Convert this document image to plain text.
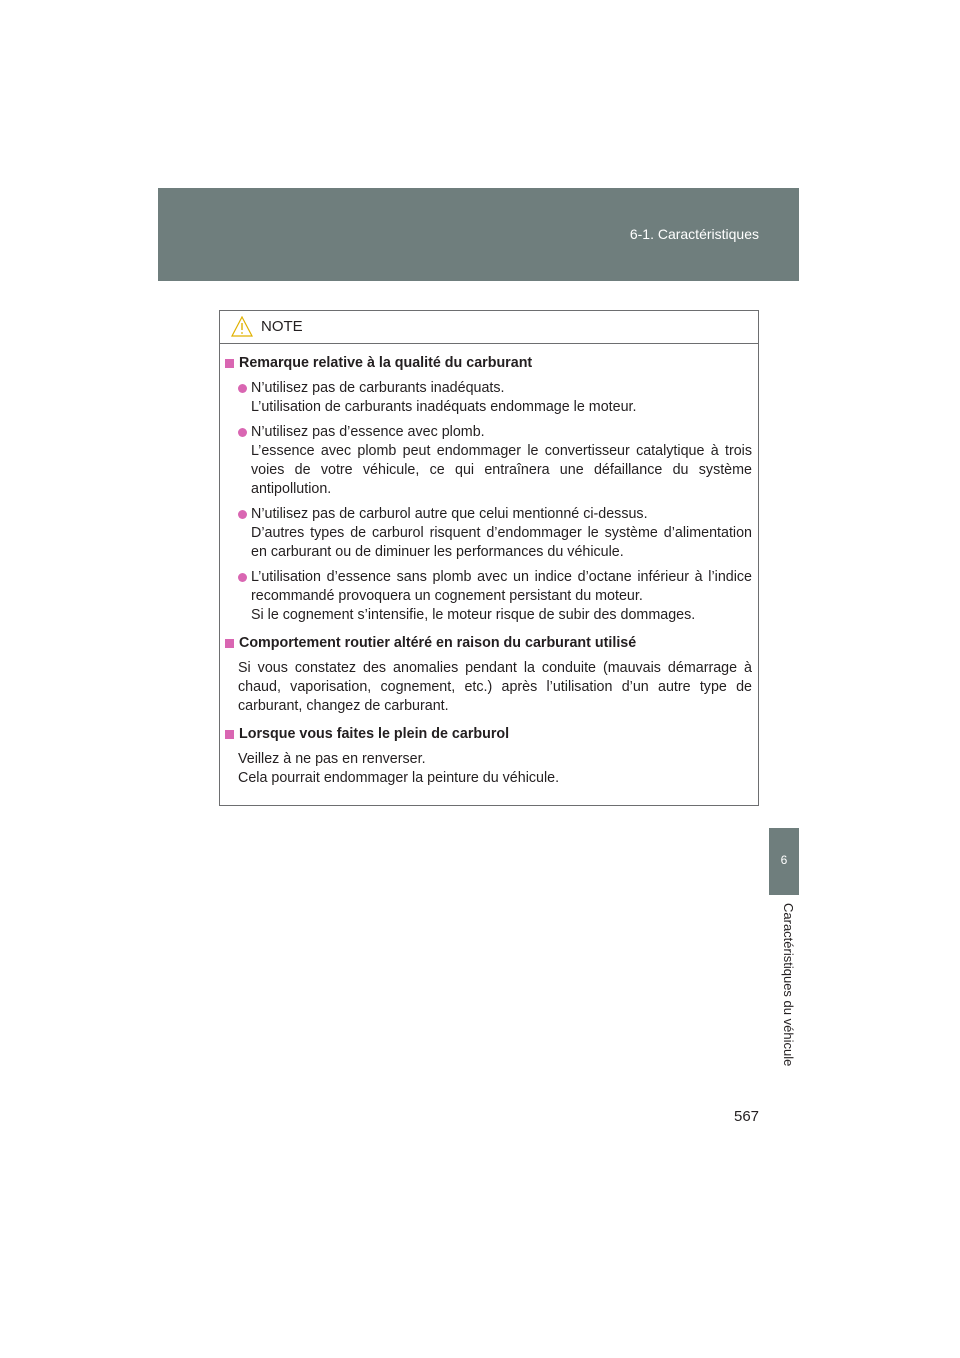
6-1. Caractéristiques
6
Caractéristiques du véhicule
NOTE
Remarque relative à la qualité du carburant
N’utilisez pas de carburants inadéquats.
L’utilisation de carburants inadéquats endommage le moteur.
N’utilisez pas d’essence avec plomb.
L’essence avec plomb peut endommager le convertisseur catalytique à trois voies de votre véhicule, ce qui entraînera une défaillance du système antipollution.
N’utilisez pas de carburol autre que celui mentionné ci-dessus.
D’autres types de carburol risquent d’endommager le système d’alimentation en carburant ou de diminuer les performances du véhicule.
L’utilisation d’essence sans plomb avec un indice d’octane inférieur à l’indice recommandé provoquera un cognement persistant du moteur.
Si le cognement s’intensifie, le moteur risque de subir des dommages.
Comportement routier altéré en raison du carburant utilisé
Si vous constatez des anomalies pendant la conduite (mauvais démarrage à chaud, vaporisation, cognement, etc.) après l’utilisation d’un autre type de carburant, changez de carburant.
Lorsque vous faites le plein de carburol
Veillez à ne pas en renverser.
Cela pourrait endommager la peinture du véhicule.
567
